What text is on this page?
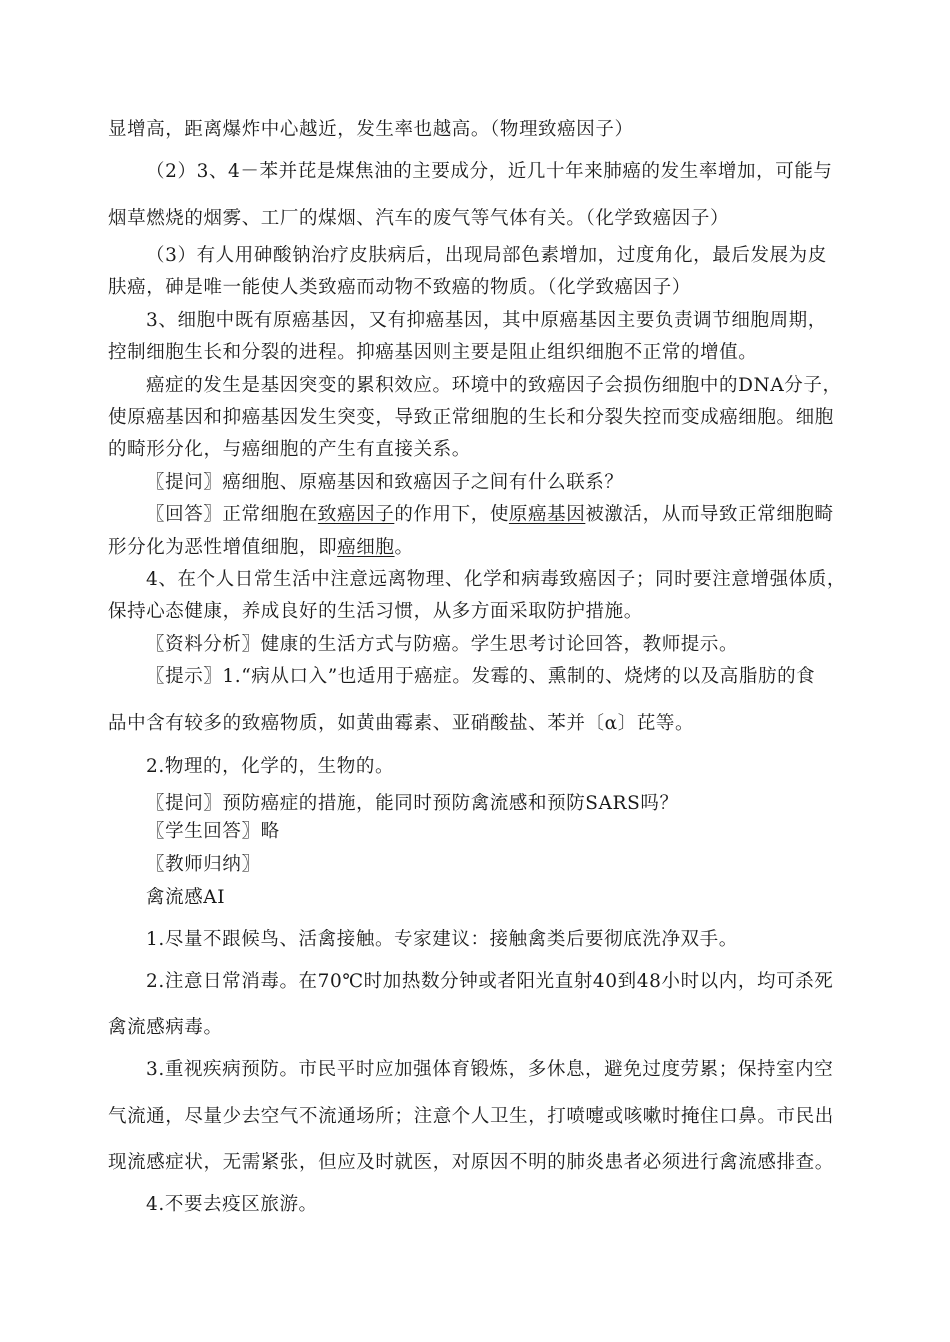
显增高，距离爆炸中心越近，发生率也越高。（物理致癌因子）
（2）3、4－苯并芘是煤焦油的主要成分，近几十年来肺癌的发生率增加，可能与
烟草燃烧的烟雾、工厂的煤烟、汽车的废气等气体有关。（化学致癌因子）
（3）有人用砷酸钠治疗皮肤病后，出现局部色素增加，过度角化，最后发展为皮
肤癌，砷是唯一能使人类致癌而动物不致癌的物质。（化学致癌因子）
3、细胞中既有原癌基因，又有抑癌基因，其中原癌基因主要负责调节细胞周期，
控制细胞生长和分裂的进程。抑癌基因则主要是阻止组织细胞不正常的增值。
癌症的发生是基因突变的累积效应。环境中的致癌因子会损伤细胞中的DNA分子，
使原癌基因和抑癌基因发生突变，导致正常细胞的生长和分裂失控而变成癌细胞。细胞
的畸形分化，与癌细胞的产生有直接关系。
〖提问〗癌细胞、原癌基因和致癌因子之间有什么联系？
〖回答〗正常细胞在致癌因子的作用下，使原癌基因被激活，从而导致正常细胞畸
形分化为恶性增值细胞，即癌细胞。
4、在个人日常生活中注意远离物理、化学和病毒致癌因子；同时要注意增强体质，
保持心态健康，养成良好的生活习惯，从多方面采取防护措施。
〖资料分析〗健康的生活方式与防癌。学生思考讨论回答，教师提示。
〖提示〗1.“病从口入”也适用于癌症。发霉的、熏制的、烧烤的以及高脂肪的食
品中含有较多的致癌物质，如黄曲霉素、亚硝酸盐、苯并〔α〕芘等。
2.物理的，化学的，生物的。
〖提问〗预防癌症的措施，能同时预防禽流感和预防SARS吗？
〖学生回答〗略
〖教师归纳〗
禽流感AI
1.尽量不跟候鸟、活禽接触。专家建议：接触禽类后要彻底洗净双手。
2.注意日常消毒。在70℃时加热数分钟或者阳光直射40到48小时以内，均可杀死
禽流感病毒。
3.重视疾病预防。市民平时应加强体育锻炼，多休息，避免过度劳累；保持室内空
气流通，尽量少去空气不流通场所；注意个人卫生，打喷嚏或咳嗽时掩住口鼻。市民出
现流感症状，无需紧张，但应及时就医，对原因不明的肺炎患者必须进行禽流感排查。
4.不要去疫区旅游。
